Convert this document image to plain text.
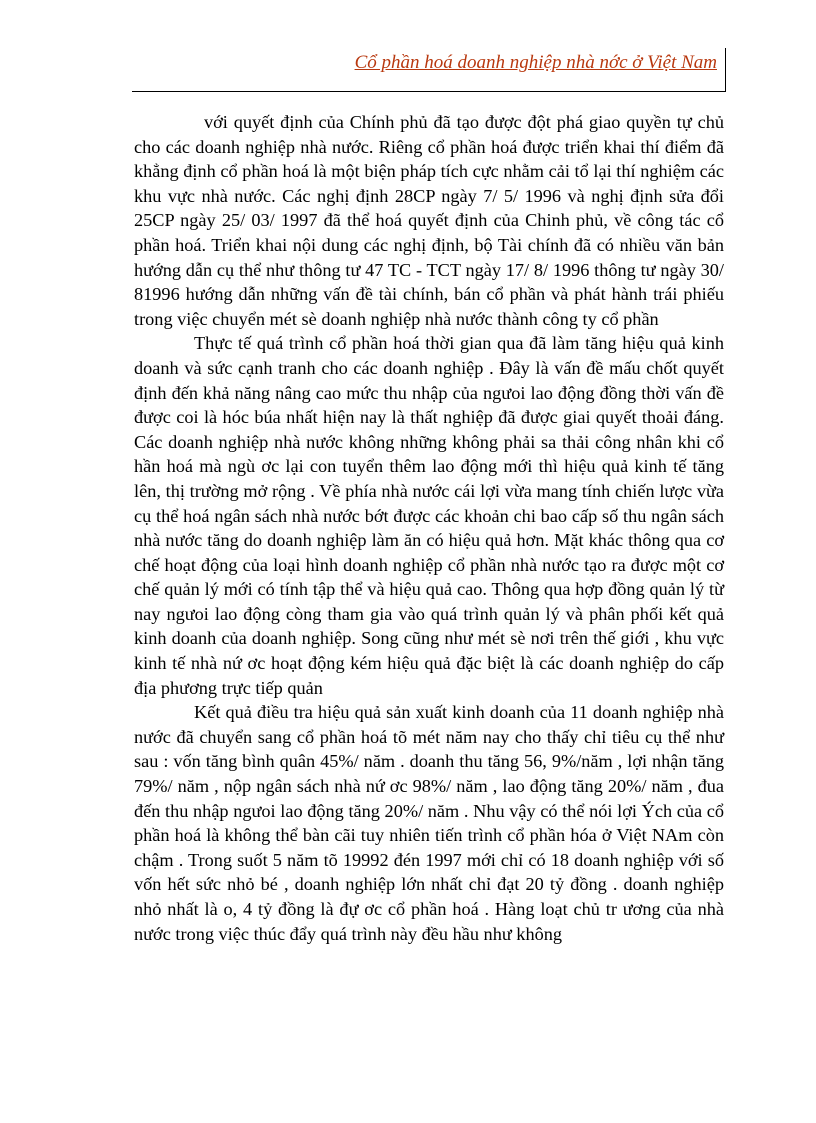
Cổ phần hoá doanh nghiệp nhà nớc ở Việt Nam

với quyết định của Chính phủ đã tạo được đột phá giao quyền tự chủ cho các doanh nghiệp nhà nước. Riêng cổ phần hoá được triển khai thí điểm đã khẳng định cổ phần hoá là một biện pháp tích cực nhằm cải tổ lại thí nghiệm các khu vực nhà nước. Các nghị định 28CP ngày 7/ 5/ 1996 và nghị định sửa đổi 25CP ngày 25/ 03/ 1997 đã thể hoá quyết định của Chinh phủ, về công tác cổ phần hoá. Triển khai nội dung các nghị định, bộ Tài chính đã có nhiều văn bản hướng dẫn cụ thể như thông tư 47 TC - TCT ngày 17/ 8/ 1996 thông tư ngày 30/ 81996 hướng dẫn những vấn đề tài chính, bán cổ phần và phát hành trái phiếu trong việc chuyển mét sè doanh nghiệp nhà nước thành công ty cổ phần

Thực tế quá trình cổ phần hoá thời gian qua đã làm tăng hiệu quả kinh doanh và sức cạnh tranh cho các doanh nghiệp . Đây là vấn đề mấu chốt quyết định đến khả năng nâng cao mức thu nhập của ngưoi lao động đồng thời vấn đề được coi là hóc búa nhất hiện nay là thất nghiệp đã được giai quyết thoải đáng. Các doanh nghiệp nhà nước không những không phải sa thải công nhân khi cổ hần hoá mà ngù ơc lại con tuyển thêm lao động mới thì hiệu quả kinh tế tăng lên, thị trường mở rộng . Về phía nhà nước cái lợi vừa mang tính chiến lược vừa cụ thể hoá ngân sách nhà nước bớt được các khoản chi bao cấp số thu ngân sách nhà nước tăng do doanh nghiệp làm ăn có hiệu quả hơn. Mặt khác thông qua cơ chế hoạt động của loại hình doanh nghiệp cổ phần nhà nước tạo ra được một cơ chế quản lý mới có tính tập thể và hiệu quả cao. Thông qua hợp đồng quản lý từ nay ngưoi lao động còng tham gia vào quá trình quản lý và phân phối kết quả kinh doanh của doanh nghiệp. Song cũng như mét sè nơi trên thế giới , khu vực kinh tế nhà nứ ơc hoạt động kém hiệu quả đặc biệt là các doanh nghiệp do cấp địa phương trực tiếp quản

Kết quả điều tra hiệu quả sản xuất kinh doanh của 11 doanh nghiệp nhà nước đã chuyển sang cổ phần hoá tõ mét năm nay cho thấy chỉ tiêu cụ thể như sau : vốn tăng bình quân 45%/ năm . doanh thu tăng 56, 9%/năm , lợi nhận tăng 79%/ năm , nộp ngân sách nhà nứ ơc 98%/ năm , lao động tăng 20%/ năm , đua đến thu nhập ngưoi lao động tăng 20%/ năm . Nhu vậy có thể nói lợi Ých của cổ phần hoá là không thể bàn cãi tuy nhiên tiến trình cổ phần hóa ở Việt NAm còn chậm . Trong suốt 5 năm tõ 19992 đén 1997 mới chỉ có 18 doanh nghiệp với số vốn hết sức nhỏ bé , doanh nghiệp lớn nhất chỉ đạt 20 tỷ đồng . doanh nghiệp nhỏ nhất là o, 4 tỷ đồng là đự ơc cổ phần hoá . Hàng loạt chủ tr ương của nhà nước trong việc thúc đẩy quá trình này đều hầu như không
